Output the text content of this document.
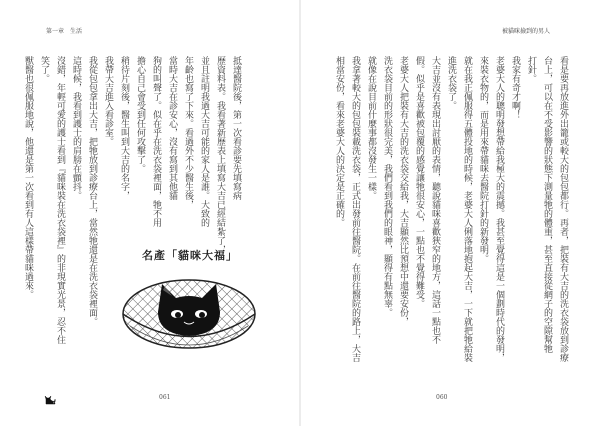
第一章　生活	被貓咪撿到的男人
抵達醫院後，第一次看診要先填寫病
歷資料表。我看著新歷表上填寫大吉已經結紮了，
並且註明我過大吉可能的家人是誰。大致的
年齡也寫了下來。看過外不少醫生後，
當時大吉在診安心，沒有寫到其他貓
狗的叫聲了。似在乎在洗衣袋裡面，牠不用
擔心自己會受到任何攻擊了。
稍待片刻後，醫生叫到大吉的名字，
我帶大吉進入看診室。
我從包包拿出大吉，把牠放到診療台上，當然牠還是在洗衣袋裡面。
這時候，我看到護士的肩膀在顫抖。
沒錯，年輕可愛的護士看到『貓咪裝在洗衣袋裡』的非現實光景，忍不住
笑了。
獸醫也很佩服地說，他還是第一次看到有人這樣帶貓咪過來。	名產「貓咪大福」	看是要再放進外出籠或較大的包包都行。再者，把裝有大吉的洗衣袋放到診療
台上，可以在不受影響的狀態下測量牠的體重，甚至直接從網子的空隙幫牠
打針。
我家有奇才啊！
老婆大人的聰明發想帶給我極大的震撼。我甚至覺得這是一個劃時代的發明，
來裝衣物的，而是用來帶貓咪去醫院打針的新發明。
就在我正佩服得五體投地的時候，老婆大人俐落地抱起大吉，一下就把牠給裝
進洗衣袋了。
大吉並沒有表現出討厭的表情，聽說貓咪喜歡狹窄的地方，這話一點也不
假。似乎是喜歡被包覆的感覺讓牠很安心，一點也不覺得難受。
老婆大人把裝有大吉的洗衣袋交給我，大吉顯然比預想中還要安份，
洗衣袋目前的形狀很完美，我們看到我們的眼神，顯得有點無辜。
就像在說目前什麼事都沒發生一樣。
我拿著較大的包包裝載洗衣袋，正式出發前往醫院。在前往醫院的路上，大吉
相當安份，看來老婆大人的決定是正確的。
061	060
